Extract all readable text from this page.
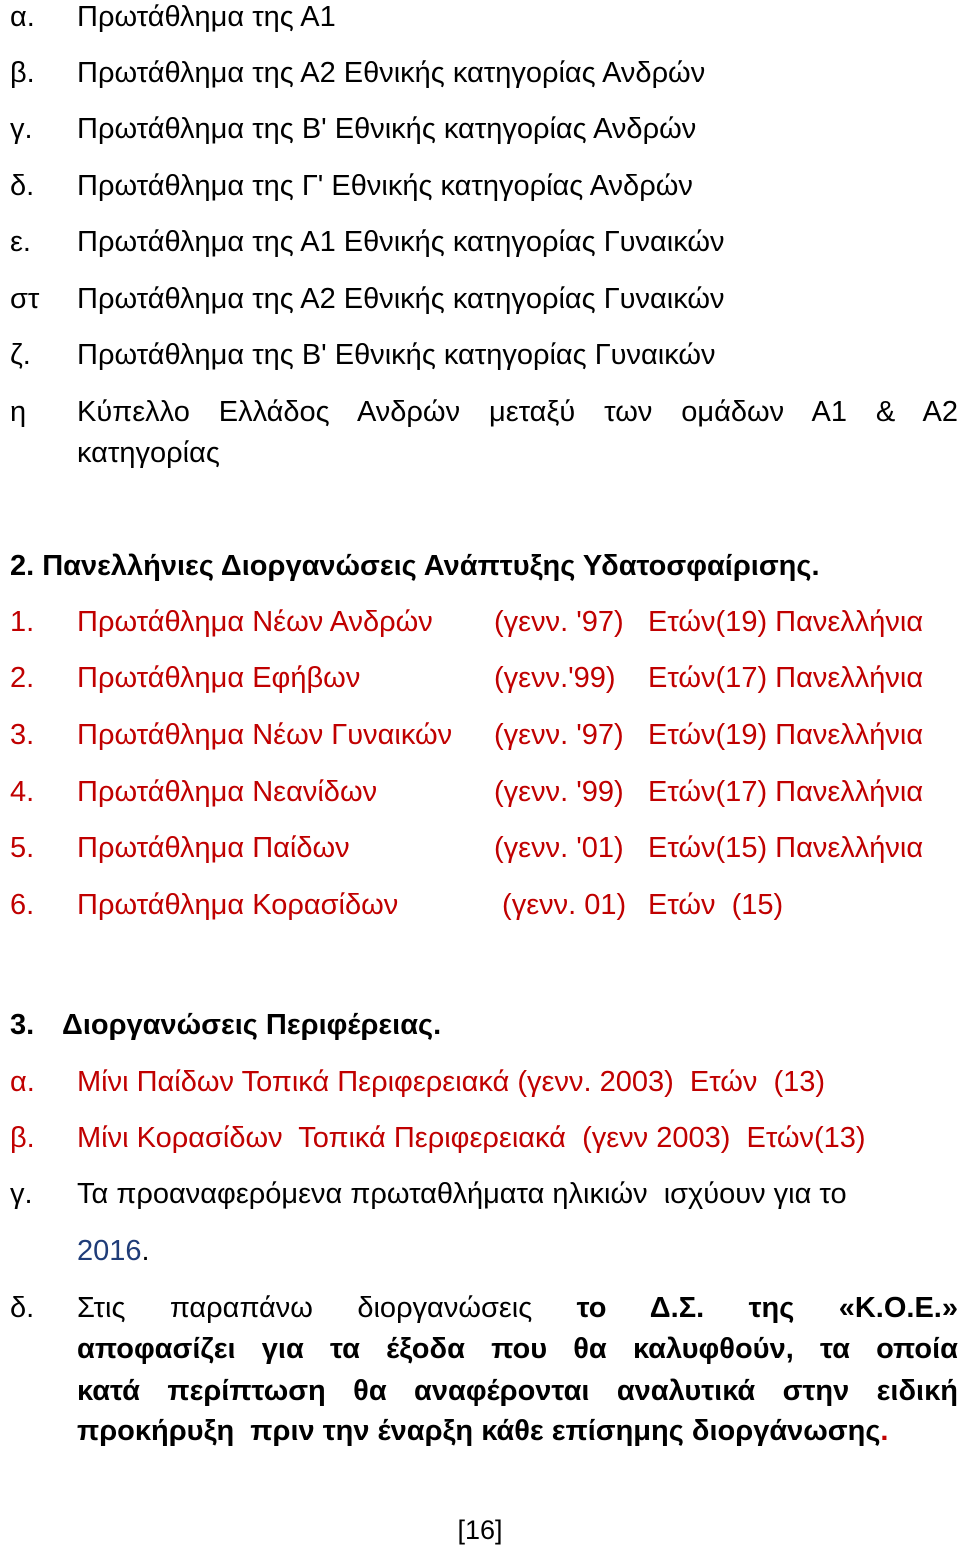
α. Πρωτάθλημα της Α1
β. Πρωτάθλημα της Α2 Εθνικής κατηγορίας Ανδρών
γ. Πρωτάθλημα της Β' Εθνικής κατηγορίας Ανδρών
δ. Πρωτάθλημα της Γ' Εθνικής κατηγορίας Ανδρών
ε. Πρωτάθλημα της Α1 Εθνικής κατηγορίας Γυναικών
στ Πρωτάθλημα της Α2 Εθνικής κατηγορίας Γυναικών
ζ. Πρωτάθλημα της Β' Εθνικής κατηγορίας Γυναικών
η Κύπελλο Ελλάδος Ανδρών μεταξύ των ομάδων Α1 & Α2
κατηγορίας
2. Πανελλήνιες Διοργανώσεις Ανάπτυξης Υδατοσφαίρισης.
1. Πρωτάθλημα Νέων Ανδρών (γενν. '97) Ετών(19) Πανελλήνια
2. Πρωτάθλημα Εφήβων	(γενν.'99) Ετών(17) Πανελλήνια
3. Πρωτάθλημα Νέων Γυναικών (γενν. '97) Ετών(19) Πανελλήνια
4. Πρωτάθλημα Νεανίδων	(γενν. '99) Ετών(17) Πανελλήνια
5. Πρωτάθλημα Παίδων	(γενν. '01) Ετών(15) Πανελλήνια
6. Πρωτάθλημα Κορασίδων	(γενν. 01) Ετών  (15)
3. Διοργανώσεις Περιφέρειας.
α. Μίνι Παίδων Τοπικά Περιφερειακά (γενν. 2003)  Ετών  (13)
β. Μίνι Κορασίδων  Τοπικά Περιφερειακά  (γενν 2003)  Ετών(13)
γ. Τα προαναφερόμενα πρωταθλήματα ηλικιών  ισχύουν για το
2016.
δ. Στις παραπάνω διοργανώσεις το Δ.Σ. της «Κ.Ο.Ε.»
αποφασίζει για τα έξοδα που θα καλυφθούν, τα οποία
κατά περίπτωση θα αναφέρονται αναλυτικά στην ειδική
προκήρυξη  πριν την έναρξη κάθε επίσημης διοργάνωσης.
[16]
